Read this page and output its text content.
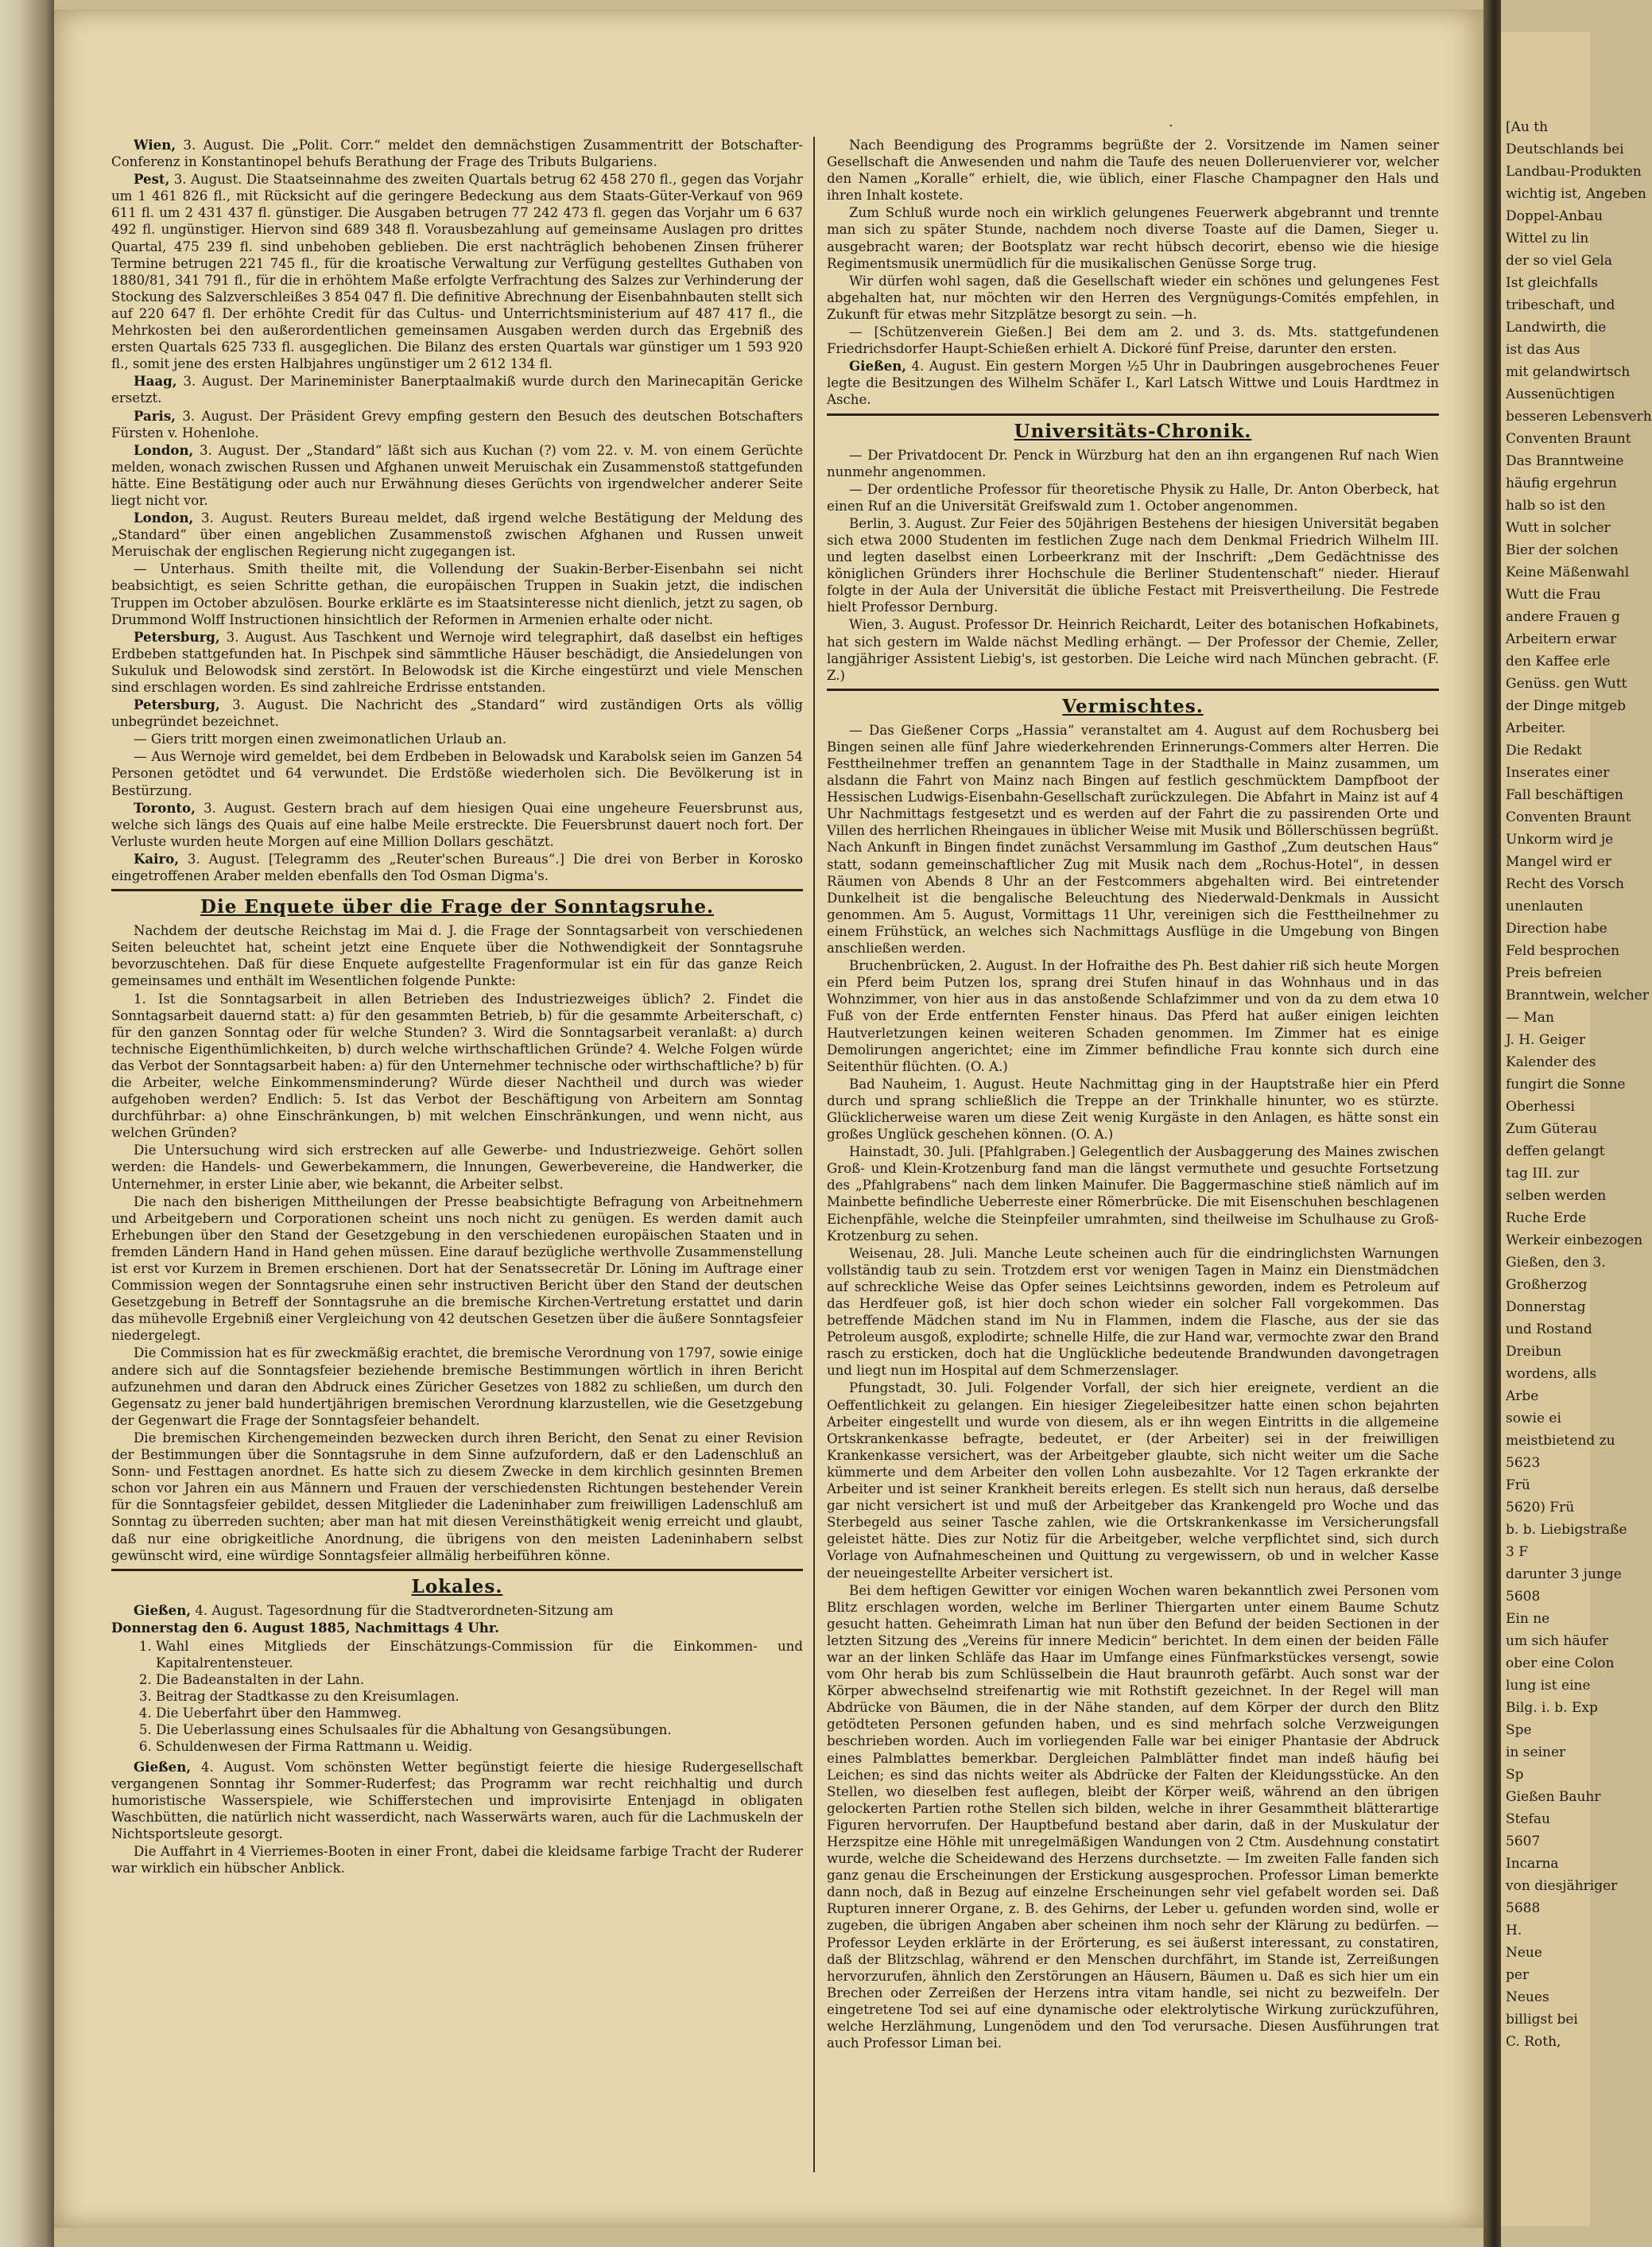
[Au th
Deutschlands bei
Landbau-Produkten
wichtig ist, Angeben
Doppel-Anbau
Wittel zu lin
der so viel Gela
Ist gleichfalls
tribeschaft, und
Landwirth, die
ist das Aus
mit gelandwirtsch
Aussenüchtigen
besseren Lebensverh
Conventen Braunt
Das Branntweine
häufig ergehrun
halb so ist den
Wutt in solcher
Bier der solchen
Keine Mäßenwahl
Wutt die Frau
andere Frauen g
Arbeitern erwar
den Kaffee erle
Genüss. gen Wutt
der Dinge mitgeb
Arbeiter.
Die Redakt
Inserates einer
Fall beschäftigen
Conventen Braunt
Unkorm wird je
Mangel wird er
Recht des Vorsch
unenlauten
Direction habe
Feld besprochen
Preis befreien
Branntwein, welcher
— Man
J. H. Geiger
Kalender des
fungirt die Sonne
Oberhessi
Zum Güterau
deffen gelangt
tag III. zur
selben werden
Ruche Erde
Werkeir einbezogen
Gießen, den 3.
Großherzog
Donnerstag
und Rostand
Dreibun
wordens, alls
Arbe
sowie ei
meistbietend zu
5623
Frü
5620) Frü
b. b. Liebigstraße
3 F
darunter 3 junge
5608
Ein ne
um sich häufer
ober eine Colon
lung ist eine
Bilg. i. b. Exp
Spe
in seiner
Sp
Gießen Bauhr
Stefau
5607
Incarna
von diesjähriger
5688
H.
Neue
per
Neues
billigst bei
C. Roth,
·

Wien, 3. August. Die „Polit. Corr.“ meldet den demnächstigen Zusammentritt der Botschafter-Conferenz in Konstantinopel behufs Berathung der Frage des Tributs Bulgariens.

Pest, 3. August. Die Staatseinnahme des zweiten Quartals betrug 62 458 270 fl., gegen das Vorjahr um 1 461 826 fl., mit Rücksicht auf die geringere Bedeckung aus dem Staats-Güter-Verkauf von 969 611 fl. um 2 431 437 fl. günstiger. Die Ausgaben betrugen 77 242 473 fl. gegen das Vorjahr um 6 637 492 fl. ungünstiger. Hiervon sind 689 348 fl. Vorausbezahlung auf gemeinsame Auslagen pro drittes Quartal, 475 239 fl. sind unbehoben geblieben. Die erst nachträglich behobenen Zinsen früherer Termine betrugen 221 745 fl., für die kroatische Verwaltung zur Verfügung gestelltes Guthaben von 1880/81, 341 791 fl., für die in erhöhtem Maße erfolgte Verfrachtung des Salzes zur Verhinderung der Stockung des Salzverschleißes 3 854 047 fl. Die definitive Abrechnung der Eisenbahnbauten stellt sich auf 220 647 fl. Der erhöhte Credit für das Cultus- und Unterrichtsministerium auf 487 417 fl., die Mehrkosten bei den außerordentlichen gemeinsamen Ausgaben werden durch das Ergebniß des ersten Quartals 625 733 fl. ausgeglichen. Die Bilanz des ersten Quartals war günstiger um 1 593 920 fl., somit jene des ersten Halbjahres ungünstiger um 2 612 134 fl.

Haag, 3. August. Der Marineminister Banerptaalmakiß wurde durch den Marinecapitän Gericke ersetzt.

Paris, 3. August. Der Präsident Grevy empfing gestern den Besuch des deutschen Botschafters Fürsten v. Hohenlohe.

London, 3. August. Der „Standard“ läßt sich aus Kuchan (?) vom 22. v. M. von einem Gerüchte melden, wonach zwischen Russen und Afghanen unweit Meruischak ein Zusammenstoß stattgefunden hätte. Eine Bestätigung oder auch nur Erwähnung dieses Gerüchts von irgendwelcher anderer Seite liegt nicht vor.

London, 3. August. Reuters Bureau meldet, daß irgend welche Bestätigung der Meldung des „Standard“ über einen angeblichen Zusammenstoß zwischen Afghanen und Russen unweit Meruischak der englischen Regierung nicht zugegangen ist.

— Unterhaus. Smith theilte mit, die Vollendung der Suakin-Berber-Eisenbahn sei nicht beabsichtigt, es seien Schritte gethan, die europäischen Truppen in Suakin jetzt, die indischen Truppen im October abzulösen. Bourke erklärte es im Staatsinteresse nicht dienlich, jetzt zu sagen, ob Drummond Wolff Instructionen hinsichtlich der Reformen in Armenien erhalte oder nicht.

Petersburg, 3. August. Aus Taschkent und Wernoje wird telegraphirt, daß daselbst ein heftiges Erdbeben stattgefunden hat. In Pischpek sind sämmtliche Häuser beschädigt, die Ansiedelungen von Sukuluk und Belowodsk sind zerstört. In Belowodsk ist die Kirche eingestürzt und viele Menschen sind erschlagen worden. Es sind zahlreiche Erdrisse entstanden.

Petersburg, 3. August. Die Nachricht des „Standard“ wird zuständigen Orts als völlig unbegründet bezeichnet.

— Giers tritt morgen einen zweimonatlichen Urlaub an.

— Aus Wernoje wird gemeldet, bei dem Erdbeben in Belowadsk und Karabolsk seien im Ganzen 54 Personen getödtet und 64 verwundet. Die Erdstöße wiederholen sich. Die Bevölkerung ist in Bestürzung.

Toronto, 3. August. Gestern brach auf dem hiesigen Quai eine ungeheure Feuersbrunst aus, welche sich längs des Quais auf eine halbe Meile erstreckte. Die Feuersbrunst dauert noch fort. Der Verluste wurden heute Morgen auf eine Million Dollars geschätzt.

Kairo, 3. August. [Telegramm des „Reuter'schen Bureaus“.] Die drei von Berber in Korosko eingetroffenen Araber melden ebenfalls den Tod Osman Digma's.

Die Enquete über die Frage der Sonntagsruhe.

Nachdem der deutsche Reichstag im Mai d. J. die Frage der Sonntagsarbeit von verschiedenen Seiten beleuchtet hat, scheint jetzt eine Enquete über die Nothwendigkeit der Sonntagsruhe bevorzuschtehen. Daß für diese Enquete aufgestellte Fragenformular ist ein für das ganze Reich gemeinsames und enthält im Wesentlichen folgende Punkte:

1. Ist die Sonntagsarbeit in allen Betrieben des Industriezweiges üblich? 2. Findet die Sonntagsarbeit dauernd statt: a) für den gesammten Betrieb, b) für die gesammte Arbeiterschaft, c) für den ganzen Sonntag oder für welche Stunden? 3. Wird die Sonntagsarbeit veranlaßt: a) durch technische Eigenthümlichkeiten, b) durch welche wirthschaftlichen Gründe? 4. Welche Folgen würde das Verbot der Sonntagsarbeit haben: a) für den Unternehmer technische oder wirthschaftliche? b) für die Arbeiter, welche Einkommensminderung? Würde dieser Nachtheil und durch was wieder aufgehoben werden? Endlich: 5. Ist das Verbot der Beschäftigung von Arbeitern am Sonntag durchführbar: a) ohne Einschränkungen, b) mit welchen Einschränkungen, und wenn nicht, aus welchen Gründen?

Die Untersuchung wird sich erstrecken auf alle Gewerbe- und Industriezweige. Gehört sollen werden: die Handels- und Gewerbekammern, die Innungen, Gewerbevereine, die Handwerker, die Unternehmer, in erster Linie aber, wie bekannt, die Arbeiter selbst.

Die nach den bisherigen Mittheilungen der Presse beabsichtigte Befragung von Arbeitnehmern und Arbeitgebern und Corporationen scheint uns noch nicht zu genügen. Es werden damit auch Erhebungen über den Stand der Gesetzgebung in den verschiedenen europäischen Staaten und in fremden Ländern Hand in Hand gehen müssen. Eine darauf bezügliche werthvolle Zusammenstellung ist erst vor Kurzem in Bremen erschienen. Dort hat der Senatssecretär Dr. Löning im Auftrage einer Commission wegen der Sonntagsruhe einen sehr instructiven Bericht über den Stand der deutschen Gesetzgebung in Betreff der Sonntagsruhe an die bremische Kirchen-Vertretung erstattet und darin das mühevolle Ergebniß einer Vergleichung von 42 deutschen Gesetzen über die äußere Sonntagsfeier niedergelegt.

Die Commission hat es für zweckmäßig erachtet, die bremische Verordnung von 1797, sowie einige andere sich auf die Sonntagsfeier beziehende bremische Bestimmungen wörtlich in ihren Bericht aufzunehmen und daran den Abdruck eines Züricher Gesetzes von 1882 zu schließen, um durch den Gegensatz zu jener bald hundertjährigen bremischen Verordnung klarzustellen, wie die Gesetzgebung der Gegenwart die Frage der Sonntagsfeier behandelt.

Die bremischen Kirchengemeinden bezwecken durch ihren Bericht, den Senat zu einer Revision der Bestimmungen über die Sonntagsruhe in dem Sinne aufzufordern, daß er den Ladenschluß an Sonn- und Festtagen anordnet. Es hatte sich zu diesem Zwecke in dem kirchlich gesinnten Bremen schon vor Jahren ein aus Männern und Frauen der verschiedensten Richtungen bestehender Verein für die Sonntagsfeier gebildet, dessen Mitglieder die Ladeninhaber zum freiwilligen Ladenschluß am Sonntag zu überreden suchten; aber man hat mit diesen Vereinsthätigkeit wenig erreicht und glaubt, daß nur eine obrigkeitliche Anordnung, die übrigens von den meisten Ladeninhabern selbst gewünscht wird, eine würdige Sonntagsfeier allmälig herbeiführen könne.

Lokales.

Gießen, 4. August. Tagesordnung für die Stadtverordneten-Sitzung am

Donnerstag den 6. August 1885, Nachmittags 4 Uhr.

1. Wahl eines Mitglieds der Einschätzungs-Commission für die Einkommen- und Kapitalrentensteuer.
2. Die Badeanstalten in der Lahn.
3. Beitrag der Stadtkasse zu den Kreisumlagen.
4. Die Ueberfahrt über den Hammweg.
5. Die Ueberlassung eines Schulsaales für die Abhaltung von Gesangsübungen.
6. Schuldenwesen der Firma Rattmann u. Weidig.

Gießen, 4. August. Vom schönsten Wetter begünstigt feierte die hiesige Rudergesellschaft vergangenen Sonntag ihr Sommer-Ruderfest; das Programm war recht reichhaltig und durch humoristische Wasserspiele, wie Schifferstechen und improvisirte Entenjagd in obligaten Waschbütten, die natürlich nicht wasserdicht, nach Wasserwärts waren, auch für die Lachmuskeln der Nichtsportsleute gesorgt.

Die Auffahrt in 4 Vierriemes-Booten in einer Front, dabei die kleidsame farbige Tracht der Ruderer war wirklich ein hübscher Anblick.

Nach Beendigung des Programms begrüßte der 2. Vorsitzende im Namen seiner Gesellschaft die Anwesenden und nahm die Taufe des neuen Dolleruenvierer vor, welcher den Namen „Koralle“ erhielt, die, wie üblich, einer Flasche Champagner den Hals und ihren Inhalt kostete.

Zum Schluß wurde noch ein wirklich gelungenes Feuerwerk abgebrannt und trennte man sich zu später Stunde, nachdem noch diverse Toaste auf die Damen, Sieger u. ausgebracht waren; der Bootsplatz war recht hübsch decorirt, ebenso wie die hiesige Regimentsmusik unermüdlich für die musikalischen Genüsse Sorge trug.

Wir dürfen wohl sagen, daß die Gesellschaft wieder ein schönes und gelungenes Fest abgehalten hat, nur möchten wir den Herren des Vergnügungs-Comités empfehlen, in Zukunft für etwas mehr Sitzplätze besorgt zu sein. —h.

— [Schützenverein Gießen.] Bei dem am 2. und 3. ds. Mts. stattgefundenen Friedrichsdorfer Haupt-Schießen erhielt A. Dickoré fünf Preise, darunter den ersten.

Gießen, 4. August. Ein gestern Morgen ½5 Uhr in Daubringen ausgebrochenes Feuer legte die Besitzungen des Wilhelm Schäfer I., Karl Latsch Wittwe und Louis Hardtmez in Asche.

Universitäts-Chronik.

— Der Privatdocent Dr. Penck in Würzburg hat den an ihn ergangenen Ruf nach Wien nunmehr angenommen.

— Der ordentliche Professor für theoretische Physik zu Halle, Dr. Anton Oberbeck, hat einen Ruf an die Universität Greifswald zum 1. October angenommen.

Berlin, 3. August. Zur Feier des 50jährigen Bestehens der hiesigen Universität begaben sich etwa 2000 Studenten im festlichen Zuge nach dem Denkmal Friedrich Wilhelm III. und legten daselbst einen Lorbeerkranz mit der Inschrift: „Dem Gedächtnisse des königlichen Gründers ihrer Hochschule die Berliner Studentenschaft“ nieder. Hierauf folgte in der Aula der Universität die übliche Festact mit Preisvertheilung. Die Festrede hielt Professor Dernburg.

Wien, 3. August. Professor Dr. Heinrich Reichardt, Leiter des botanischen Hofkabinets, hat sich gestern im Walde nächst Medling erhängt. — Der Professor der Chemie, Zeller, langjähriger Assistent Liebig's, ist gestorben. Die Leiche wird nach München gebracht. (F. Z.)

Vermischtes.

— Das Gießener Corps „Hassia“ veranstaltet am 4. August auf dem Rochusberg bei Bingen seinen alle fünf Jahre wiederkehrenden Erinnerungs-Commers alter Herren. Die Festtheilnehmer treffen an genanntem Tage in der Stadthalle in Mainz zusammen, um alsdann die Fahrt von Mainz nach Bingen auf festlich geschmücktem Dampfboot der Hessischen Ludwigs-Eisenbahn-Gesellschaft zurückzulegen. Die Abfahrt in Mainz ist auf 4 Uhr Nachmittags festgesetzt und es werden auf der Fahrt die zu passirenden Orte und Villen des herrlichen Rheingaues in üblicher Weise mit Musik und Böllerschüssen begrüßt. Nach Ankunft in Bingen findet zunächst Versammlung im Gasthof „Zum deutschen Haus“ statt, sodann gemeinschaftlicher Zug mit Musik nach dem „Rochus-Hotel“, in dessen Räumen von Abends 8 Uhr an der Festcommers abgehalten wird. Bei eintretender Dunkelheit ist die bengalische Beleuchtung des Niederwald-Denkmals in Aussicht genommen. Am 5. August, Vormittags 11 Uhr, vereinigen sich die Festtheilnehmer zu einem Frühstück, an welches sich Nachmittags Ausflüge in die Umgebung von Bingen anschließen werden.

Bruchenbrücken, 2. August. In der Hofraithe des Ph. Best dahier riß sich heute Morgen ein Pferd beim Putzen los, sprang drei Stufen hinauf in das Wohnhaus und in das Wohnzimmer, von hier aus in das anstoßende Schlafzimmer und von da zu dem etwa 10 Fuß von der Erde entfernten Fenster hinaus. Das Pferd hat außer einigen leichten Hautverletzungen keinen weiteren Schaden genommen. Im Zimmer hat es einige Demolirungen angerichtet; eine im Zimmer befindliche Frau konnte sich durch eine Seitenthür flüchten. (O. A.)

Bad Nauheim, 1. August. Heute Nachmittag ging in der Hauptstraße hier ein Pferd durch und sprang schließlich die Treppe an der Trinkhalle hinunter, wo es stürzte. Glücklicherweise waren um diese Zeit wenig Kurgäste in den Anlagen, es hätte sonst ein großes Unglück geschehen können. (O. A.)

Hainstadt, 30. Juli. [Pfahlgraben.] Gelegentlich der Ausbaggerung des Maines zwischen Groß- und Klein-Krotzenburg fand man die längst vermuthete und gesuchte Fortsetzung des „Pfahlgrabens“ nach dem linken Mainufer. Die Baggermaschine stieß nämlich auf im Mainbette befindliche Ueberreste einer Römerbrücke. Die mit Eisenschuhen beschlagenen Eichenpfähle, welche die Steinpfeiler umrahmten, sind theilweise im Schulhause zu Groß-Krotzenburg zu sehen.

Weisenau, 28. Juli. Manche Leute scheinen auch für die eindringlichsten Warnungen vollständig taub zu sein. Trotzdem erst vor wenigen Tagen in Mainz ein Dienstmädchen auf schreckliche Weise das Opfer seines Leichtsinns geworden, indem es Petroleum auf das Herdfeuer goß, ist hier doch schon wieder ein solcher Fall vorgekommen. Das betreffende Mädchen stand im Nu in Flammen, indem die Flasche, aus der sie das Petroleum ausgoß, explodirte; schnelle Hilfe, die zur Hand war, vermochte zwar den Brand rasch zu ersticken, doch hat die Unglückliche bedeutende Brandwunden davongetragen und liegt nun im Hospital auf dem Schmerzenslager.

Pfungstadt, 30. Juli. Folgender Vorfall, der sich hier ereignete, verdient an die Oeffentlichkeit zu gelangen. Ein hiesiger Ziegeleibesitzer hatte einen schon bejahrten Arbeiter eingestellt und wurde von diesem, als er ihn wegen Eintritts in die allgemeine Ortskrankenkasse befragte, bedeutet, er (der Arbeiter) sei in der freiwilligen Krankenkasse versichert, was der Arbeitgeber glaubte, sich nicht weiter um die Sache kümmerte und dem Arbeiter den vollen Lohn ausbezahlte. Vor 12 Tagen erkrankte der Arbeiter und ist seiner Krankheit bereits erlegen. Es stellt sich nun heraus, daß derselbe gar nicht versichert ist und muß der Arbeitgeber das Krankengeld pro Woche und das Sterbegeld aus seiner Tasche zahlen, wie die Ortskrankenkasse im Versicherungsfall geleistet hätte. Dies zur Notiz für die Arbeitgeber, welche verpflichtet sind, sich durch Vorlage von Aufnahmescheinen und Quittung zu vergewissern, ob und in welcher Kasse der neueingestellte Arbeiter versichert ist.

Bei dem heftigen Gewitter vor einigen Wochen waren bekanntlich zwei Personen vom Blitz erschlagen worden, welche im Berliner Thiergarten unter einem Baume Schutz gesucht hatten. Geheimrath Liman hat nun über den Befund der beiden Sectionen in der letzten Sitzung des „Vereins für innere Medicin“ berichtet. In dem einen der beiden Fälle war an der linken Schläfe das Haar im Umfange eines Fünfmarkstückes versengt, sowie vom Ohr herab bis zum Schlüsselbein die Haut braunroth gefärbt. Auch sonst war der Körper abwechselnd streifenartig wie mit Rothstift gezeichnet. In der Regel will man Abdrücke von Bäumen, die in der Nähe standen, auf dem Körper der durch den Blitz getödteten Personen gefunden haben, und es sind mehrfach solche Verzweigungen beschrieben worden. Auch im vorliegenden Falle war bei einiger Phantasie der Abdruck eines Palmblattes bemerkbar. Dergleichen Palmblätter findet man indeß häufig bei Leichen; es sind das nichts weiter als Abdrücke der Falten der Kleidungsstücke. An den Stellen, wo dieselben fest auflegen, bleibt der Körper weiß, während an den übrigen gelockerten Partien rothe Stellen sich bilden, welche in ihrer Gesammtheit blätterartige Figuren hervorrufen. Der Hauptbefund bestand aber darin, daß in der Muskulatur der Herzspitze eine Höhle mit unregelmäßigen Wandungen von 2 Ctm. Ausdehnung constatirt wurde, welche die Scheidewand des Herzens durchsetzte. — Im zweiten Falle fanden sich ganz genau die Erscheinungen der Erstickung ausgesprochen. Professor Liman bemerkte dann noch, daß in Bezug auf einzelne Erscheinungen sehr viel gefabelt worden sei. Daß Rupturen innerer Organe, z. B. des Gehirns, der Leber u. gefunden worden sind, wolle er zugeben, die übrigen Angaben aber scheinen ihm noch sehr der Klärung zu bedürfen. — Professor Leyden erklärte in der Erörterung, es sei äußerst interessant, zu constatiren, daß der Blitzschlag, während er den Menschen durchfährt, im Stande ist, Zerreißungen hervorzurufen, ähnlich den Zerstörungen an Häusern, Bäumen u. Daß es sich hier um ein Brechen oder Zerreißen der Herzens intra vitam handle, sei nicht zu bezweifeln. Der eingetretene Tod sei auf eine dynamische oder elektrolytische Wirkung zurückzuführen, welche Herzlähmung, Lungenödem und den Tod verursache. Diesen Ausführungen trat auch Professor Liman bei.
